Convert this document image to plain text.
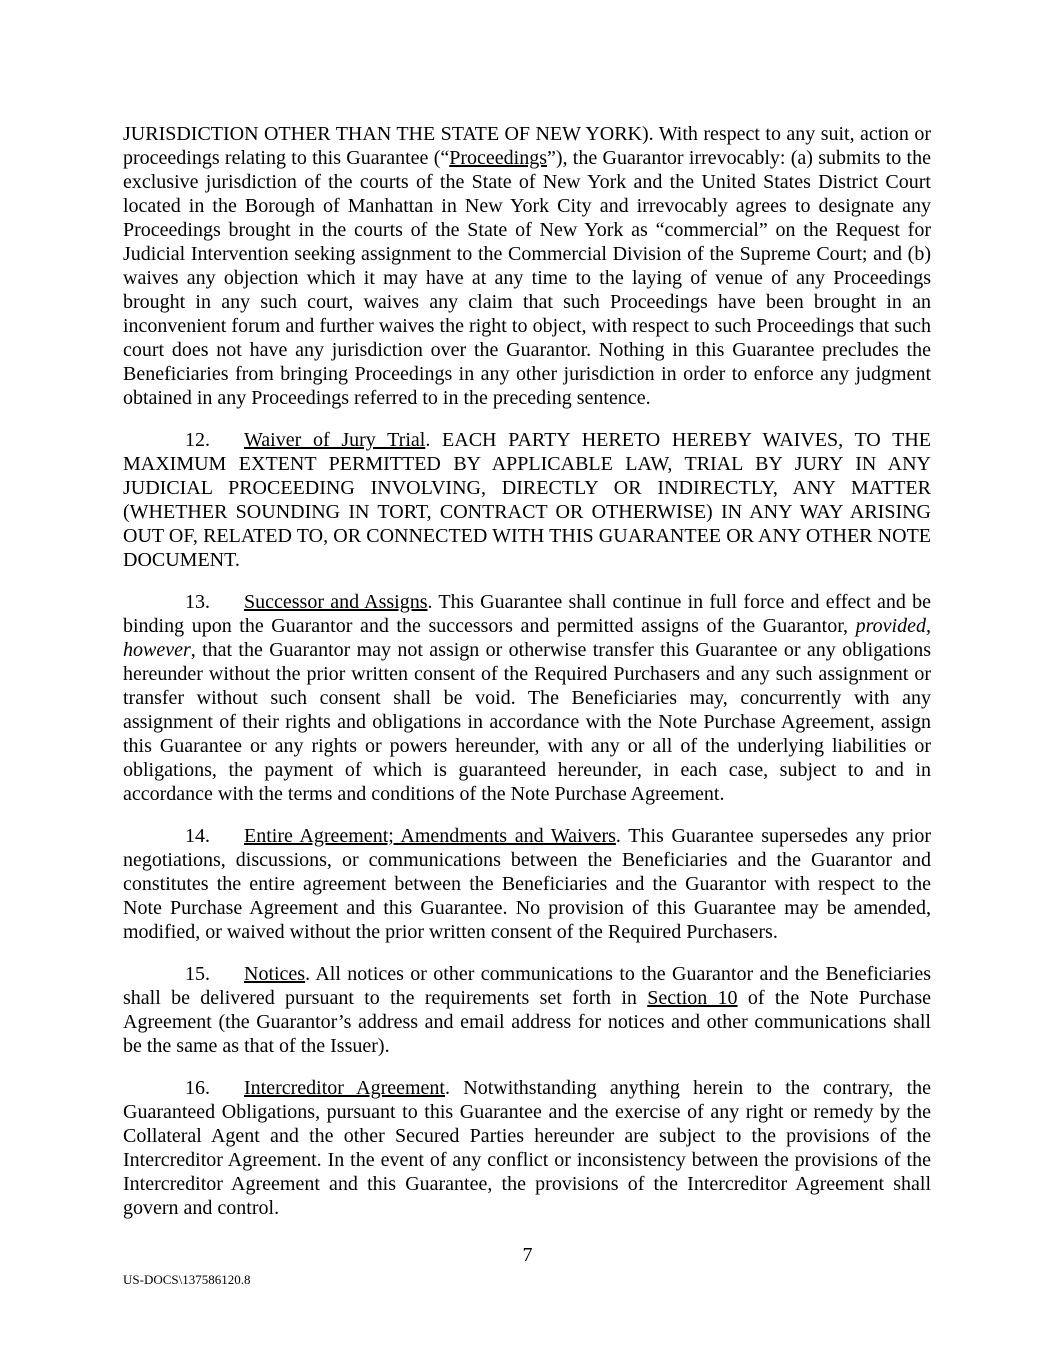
JURISDICTION OTHER THAN THE STATE OF NEW YORK). With respect to any suit, action or proceedings relating to this Guarantee (“Proceedings”), the Guarantor irrevocably: (a) submits to the exclusive jurisdiction of the courts of the State of New York and the United States District Court located in the Borough of Manhattan in New York City and irrevocably agrees to designate any Proceedings brought in the courts of the State of New York as “commercial” on the Request for Judicial Intervention seeking assignment to the Commercial Division of the Supreme Court; and (b) waives any objection which it may have at any time to the laying of venue of any Proceedings brought in any such court, waives any claim that such Proceedings have been brought in an inconvenient forum and further waives the right to object, with respect to such Proceedings that such court does not have any jurisdiction over the Guarantor. Nothing in this Guarantee precludes the Beneficiaries from bringing Proceedings in any other jurisdiction in order to enforce any judgment obtained in any Proceedings referred to in the preceding sentence.

12. Waiver of Jury Trial. EACH PARTY HERETO HEREBY WAIVES, TO THE MAXIMUM EXTENT PERMITTED BY APPLICABLE LAW, TRIAL BY JURY IN ANY JUDICIAL PROCEEDING INVOLVING, DIRECTLY OR INDIRECTLY, ANY MATTER (WHETHER SOUNDING IN TORT, CONTRACT OR OTHERWISE) IN ANY WAY ARISING OUT OF, RELATED TO, OR CONNECTED WITH THIS GUARANTEE OR ANY OTHER NOTE DOCUMENT.

13. Successor and Assigns. This Guarantee shall continue in full force and effect and be binding upon the Guarantor and the successors and permitted assigns of the Guarantor, provided, however, that the Guarantor may not assign or otherwise transfer this Guarantee or any obligations hereunder without the prior written consent of the Required Purchasers and any such assignment or transfer without such consent shall be void. The Beneficiaries may, concurrently with any assignment of their rights and obligations in accordance with the Note Purchase Agreement, assign this Guarantee or any rights or powers hereunder, with any or all of the underlying liabilities or obligations, the payment of which is guaranteed hereunder, in each case, subject to and in accordance with the terms and conditions of the Note Purchase Agreement.

14. Entire Agreement; Amendments and Waivers. This Guarantee supersedes any prior negotiations, discussions, or communications between the Beneficiaries and the Guarantor and constitutes the entire agreement between the Beneficiaries and the Guarantor with respect to the Note Purchase Agreement and this Guarantee. No provision of this Guarantee may be amended, modified, or waived without the prior written consent of the Required Purchasers.

15. Notices. All notices or other communications to the Guarantor and the Beneficiaries shall be delivered pursuant to the requirements set forth in Section 10 of the Note Purchase Agreement (the Guarantor’s address and email address for notices and other communications shall be the same as that of the Issuer).

16. Intercreditor Agreement. Notwithstanding anything herein to the contrary, the Guaranteed Obligations, pursuant to this Guarantee and the exercise of any right or remedy by the Collateral Agent and the other Secured Parties hereunder are subject to the provisions of the Intercreditor Agreement. In the event of any conflict or inconsistency between the provisions of the Intercreditor Agreement and this Guarantee, the provisions of the Intercreditor Agreement shall govern and control.

7
US-DOCS\137586120.8
